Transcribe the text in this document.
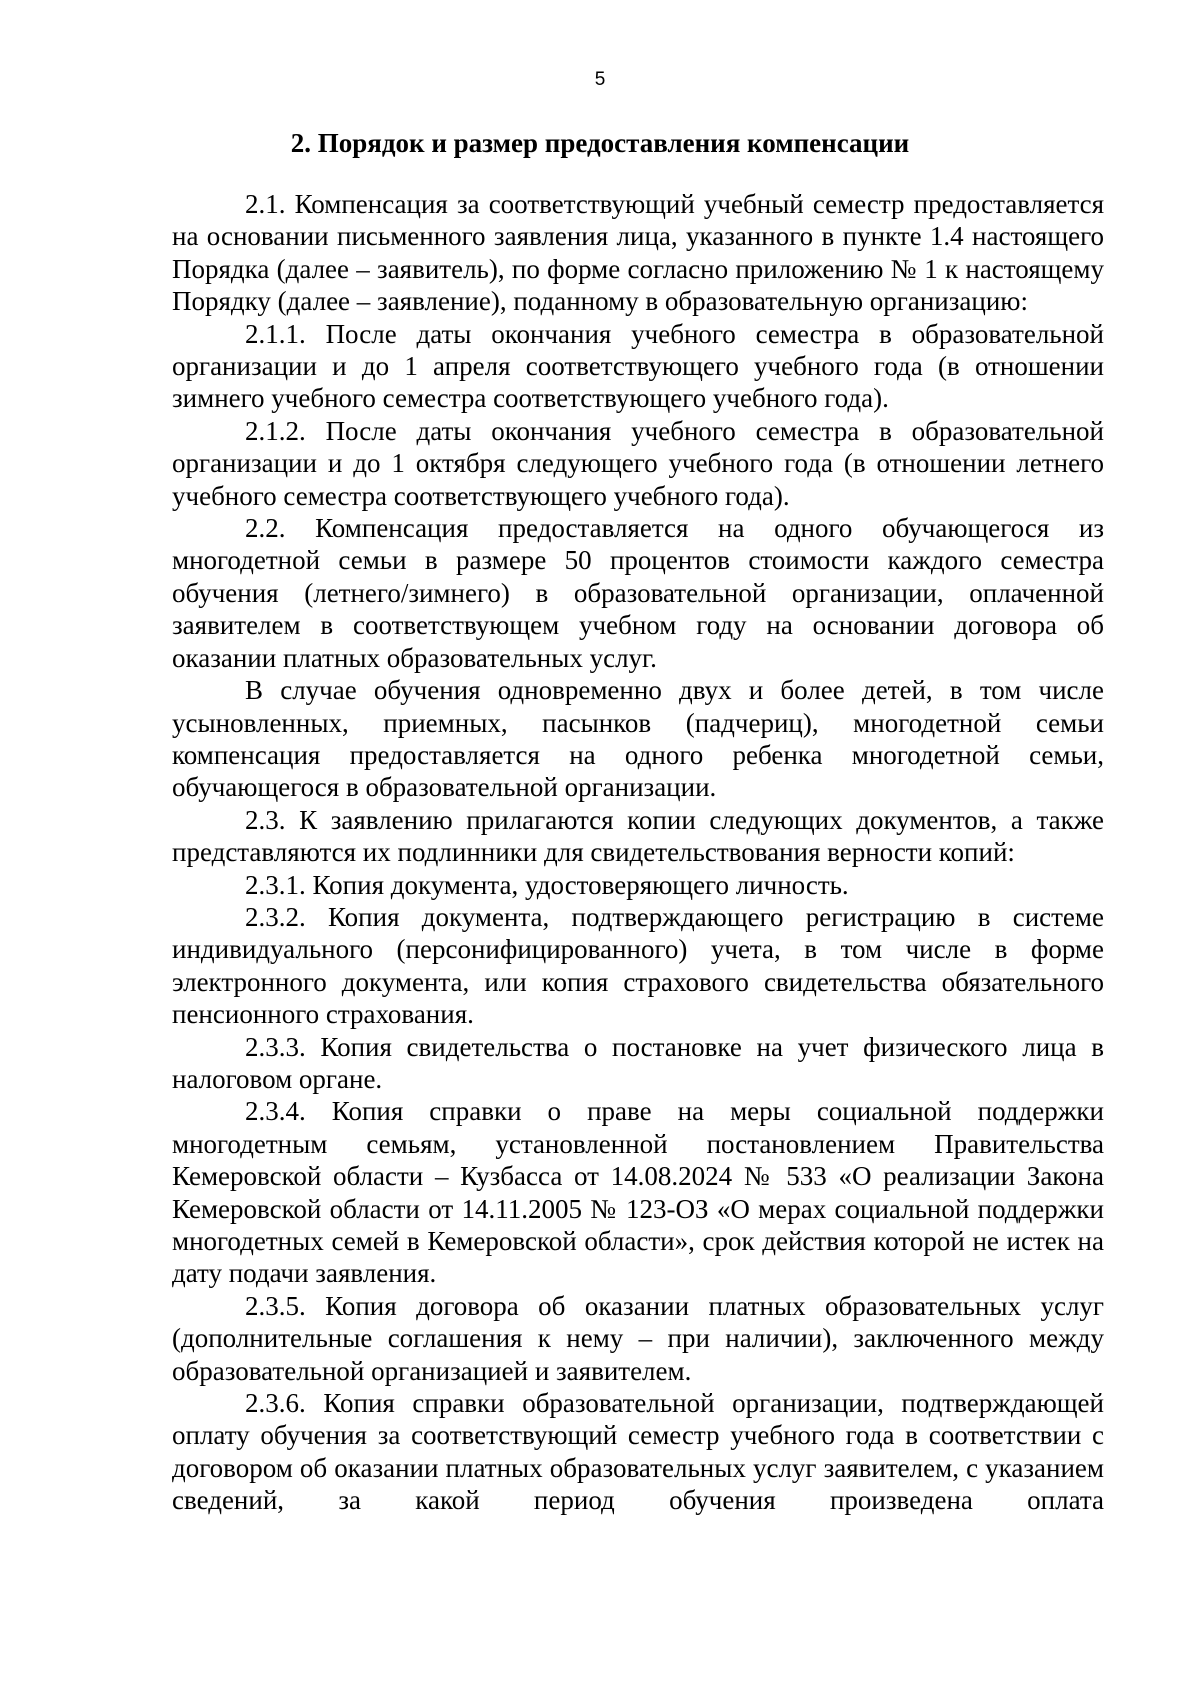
5
2. Порядок и размер предоставления компенсации

2.1. Компенсация за соответствующий учебный семестр предоставляется на основании письменного заявления лица, указанного в пункте 1.4 настоящего Порядка (далее – заявитель), по форме согласно приложению № 1 к настоящему Порядку (далее – заявление), поданному в образовательную организацию:

2.1.1. После даты окончания учебного семестра в образовательной организации и до 1 апреля соответствующего учебного года (в отношении зимнего учебного семестра соответствующего учебного года).

2.1.2. После даты окончания учебного семестра в образовательной организации и до 1 октября следующего учебного года (в отношении летнего учебного семестра соответствующего учебного года).

2.2. Компенсация предоставляется на одного обучающегося из многодетной семьи в размере 50 процентов стоимости каждого семестра обучения (летнего/зимнего) в образовательной организации, оплаченной заявителем в соответствующем учебном году на основании договора об оказании платных образовательных услуг.

В случае обучения одновременно двух и более детей, в том числе усыновленных, приемных, пасынков (падчериц), многодетной семьи компенсация предоставляется на одного ребенка многодетной семьи, обучающегося в образовательной организации.

2.3. К заявлению прилагаются копии следующих документов, а также представляются их подлинники для свидетельствования верности копий:

2.3.1. Копия документа, удостоверяющего личность.

2.3.2. Копия документа, подтверждающего регистрацию в системе индивидуального (персонифицированного) учета, в том числе в форме электронного документа, или копия страхового свидетельства обязательного пенсионного страхования.

2.3.3. Копия свидетельства о постановке на учет физического лица в налоговом органе.

2.3.4. Копия справки о праве на меры социальной поддержки многодетным семьям, установленной постановлением Правительства Кемеровской области – Кузбасса от 14.08.2024 № 533 «О реализации Закона Кемеровской области от 14.11.2005 № 123-ОЗ «О мерах социальной поддержки многодетных семей в Кемеровской области», срок действия которой не истек на дату подачи заявления.

2.3.5. Копия договора об оказании платных образовательных услуг (дополнительные соглашения к нему – при наличии), заключенного между образовательной организацией и заявителем.

2.3.6. Копия справки образовательной организации, подтверждающей оплату обучения за соответствующий семестр учебного года в соответствии с договором об оказании платных образовательных услуг заявителем, с указанием сведений, за какой период обучения произведена оплата
